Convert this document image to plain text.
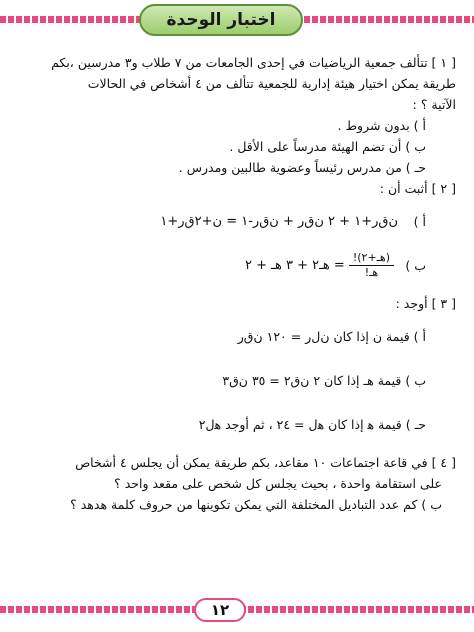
اختبار الوحدة
[ ١ ] تتألف جمعية الرياضيات في إحدى الجامعات من ٧ طلاب و٣ مدرسين ،بكم
طريقة يمكن اختيار هيئة إدارية للجمعية تتألف من ٤ أشخاص في الحالات
الآتية ؟ :
أ ) بدون شروط .
ب ) أن تضم الهيئة مدرساً على الأقل .
حـ ) من مدرس رئيساً وعضوية طالبين ومدرس .
[ ٢ ] أثبت أن :
أ )
ﻥﻕﺭ+١ + ٢ ﻥﻕﺭ + ﻥﻕﺭ-١ = ﻥ+٢ﻕﺭ+١
ب )
$\frac{\text{(هـ+٢)!}}{\text{هـ!}}$
هـ٢ + ٣ هـ + ٢ =
[ ٣ ] أوجد :
أ ) قيمة ﻥ إذا كان ﻥﻝﺭ = ١٢٠ ﻥﻕﺭ
ب ) قيمة هـ إذا كان ٢ ﻥﻕ٢ = ٣٥ ﻥﻕ٣
حـ ) قيمة ﻫ إذا كان ﻫﻝ = ٢٤ ، ثم أوجد ﻫﻝ٢
[ ٤ ] في قاعة اجتماعات ١٠ مقاعد، بكم طريقة يمكن أن يجلس ٤ أشخاص
على استقامة واحدة ، بحيث يجلس كل شخص على مقعد واحد ؟
ب ) كم عدد التباديل المختلفة التي يمكن تكوينها من حروف كلمة هدهد ؟
١٢
